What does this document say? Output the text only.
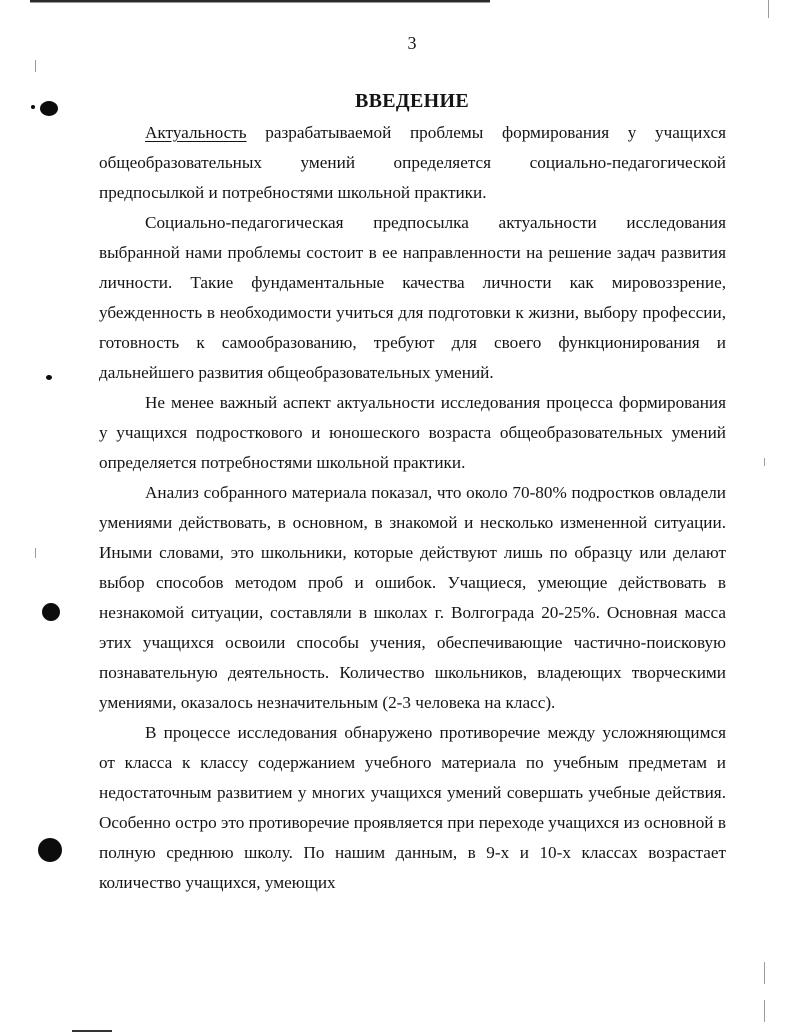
3
ВВЕДЕНИЕ

Актуальность разрабатываемой проблемы формирования у учащихся общеобразовательных умений определяется социально-педагогической предпосылкой и потребностями школьной практики.

Социально-педагогическая предпосылка актуальности исследования выбранной нами проблемы состоит в ее направленности на решение задач развития личности. Такие фундаментальные качества личности как мировоззрение, убежденность в необходимости учиться для подготовки к жизни, выбору профессии, готовность к самообразованию, требуют для своего функционирования и дальнейшего развития общеобразовательных умений.

Не менее важный аспект актуальности исследования процесса формирования у учащихся подросткового и юношеского возраста общеобразовательных умений определяется потребностями школьной практики.

Анализ собранного материала показал, что около 70-80% подростков овладели умениями действовать, в основном, в знакомой и несколько измененной ситуации. Иными словами, это школьники, которые действуют лишь по образцу или делают выбор способов методом проб и ошибок. Учащиеся, умеющие действовать в незнакомой ситуации, составляли в школах г. Волгограда 20-25%. Основная масса этих учащихся освоили способы учения, обеспечивающие частично-поисковую познавательную деятельность. Количество школьников, владеющих творческими умениями, оказалось незначительным (2-3 человека на класс).

В процессе исследования обнаружено противоречие между усложняющимся от класса к классу содержанием учебного материала по учебным предметам и недостаточным развитием у многих учащихся умений совершать учебные действия. Особенно остро это противоречие проявляется при переходе учащихся из основной в полную среднюю школу. По нашим данным, в 9-х и 10-х классах возрастает количество учащихся, умеющих
